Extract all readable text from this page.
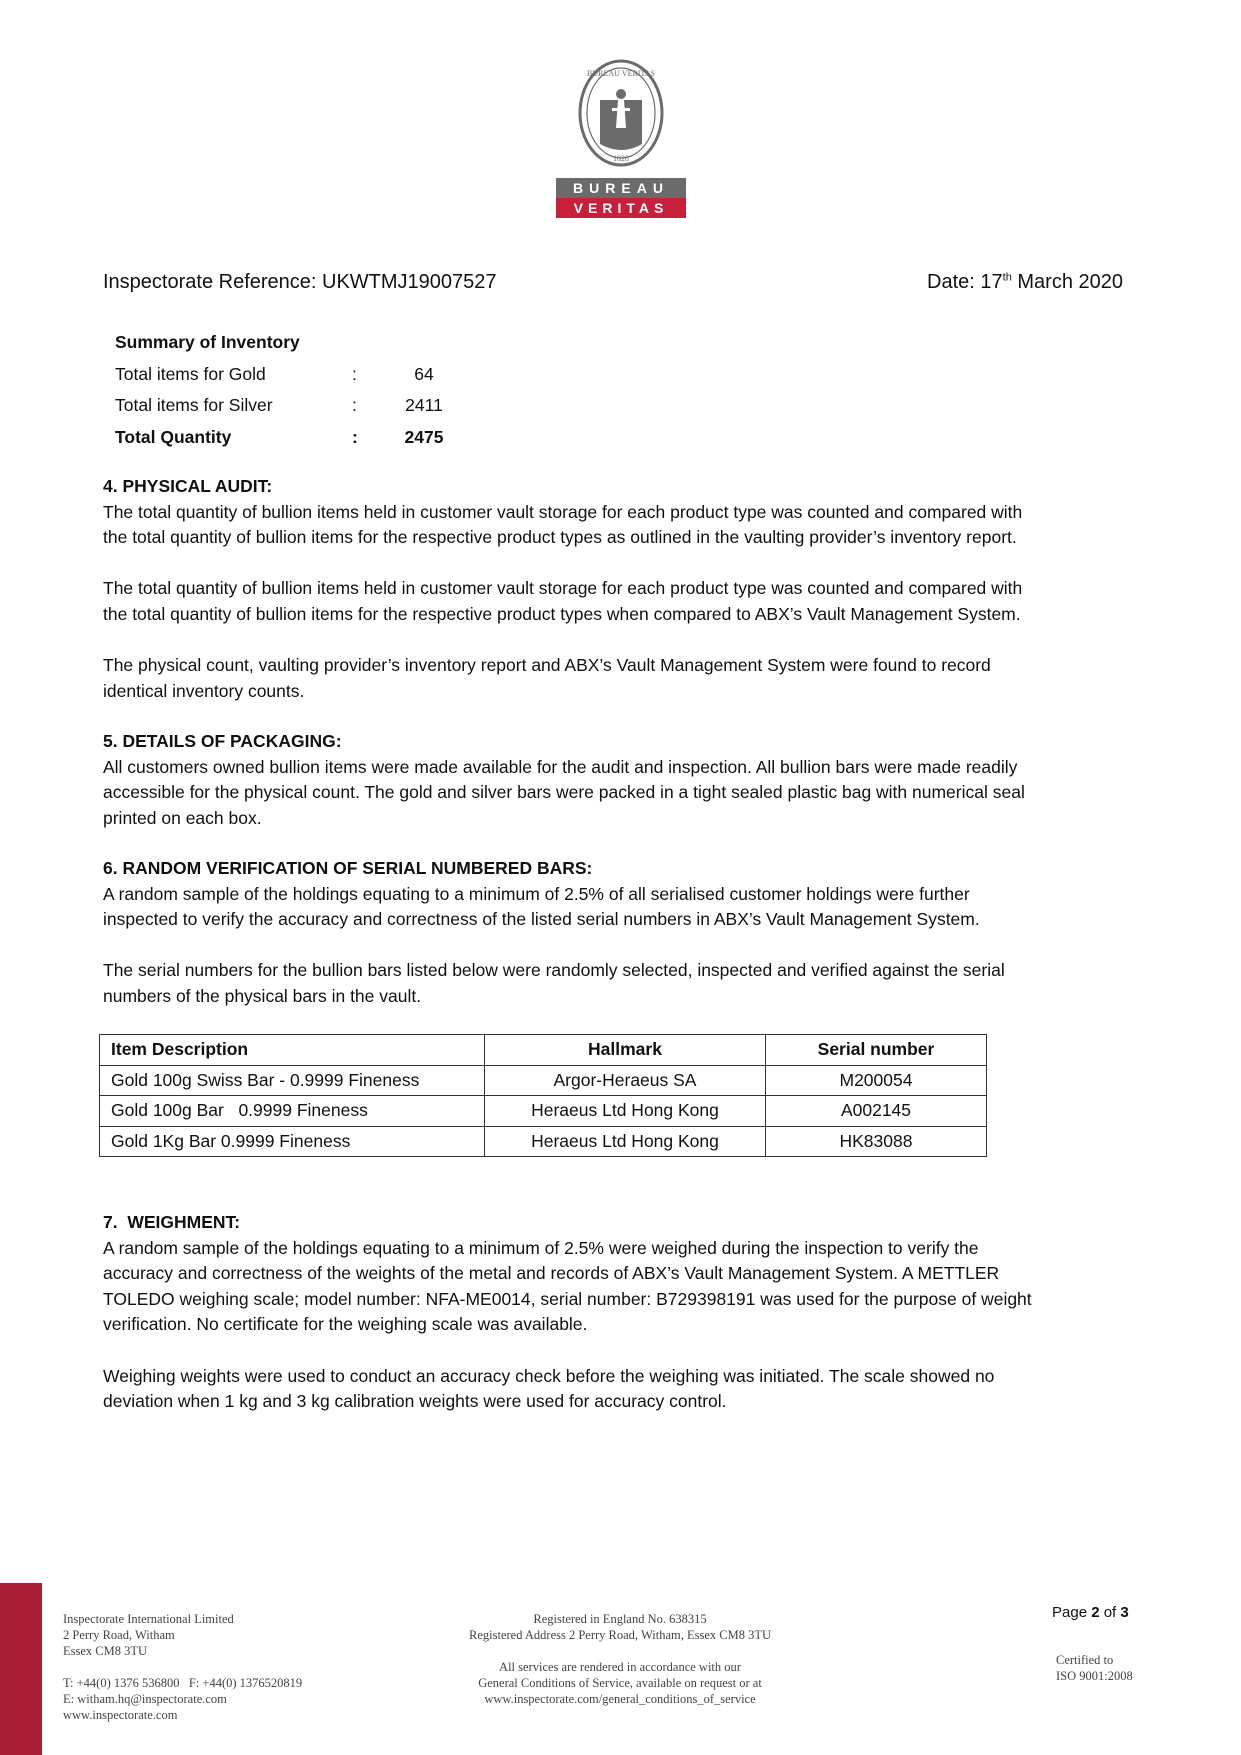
BUREAU VERITAS
1828
BUREAU
VERITAS
Inspectorate Reference: UKWTMJ19007527	Date: 17th March 2020
Summary of Inventory
Total items for Gold	:	64
Total items for Silver	:	2411
Total Quantity	:	2475
4. PHYSICAL AUDIT:
The total quantity of bullion items held in customer vault storage for each product type was counted and compared with
the total quantity of bullion items for the respective product types as outlined in the vaulting provider’s inventory report.
The total quantity of bullion items held in customer vault storage for each product type was counted and compared with
the total quantity of bullion items for the respective product types when compared to ABX’s Vault Management System.
The physical count, vaulting provider’s inventory report and ABX’s Vault Management System were found to record
identical inventory counts.
5. DETAILS OF PACKAGING:
All customers owned bullion items were made available for the audit and inspection. All bullion bars were made readily
accessible for the physical count. The gold and silver bars were packed in a tight sealed plastic bag with numerical seal
printed on each box.
6. RANDOM VERIFICATION OF SERIAL NUMBERED BARS:
A random sample of the holdings equating to a minimum of 2.5% of all serialised customer holdings were further
inspected to verify the accuracy and correctness of the listed serial numbers in ABX’s Vault Management System.
The serial numbers for the bullion bars listed below were randomly selected, inspected and verified against the serial
numbers of the physical bars in the vault.
Item Description	Hallmark	Serial number
Gold 100g Swiss Bar - 0.9999 Fineness	Argor-Heraeus SA	M200054
Gold 100g Bar   0.9999 Fineness	Heraeus Ltd Hong Kong	A002145
Gold 1Kg Bar 0.9999 Fineness	Heraeus Ltd Hong Kong	HK83088
7.  WEIGHMENT:
A random sample of the holdings equating to a minimum of 2.5% were weighed during the inspection to verify the
accuracy and correctness of the weights of the metal and records of ABX’s Vault Management System. A METTLER
TOLEDO weighing scale; model number: NFA-ME0014, serial number: B729398191 was used for the purpose of weight
verification. No certificate for the weighing scale was available.
Weighing weights were used to conduct an accuracy check before the weighing was initiated. The scale showed no
deviation when 1 kg and 3 kg calibration weights were used for accuracy control.
Inspectorate International Limited
2 Perry Road, Witham
Essex CM8 3TU
T: +44(0) 1376 536800   F: +44(0) 1376520819
E: witham.hq@inspectorate.com
www.inspectorate.com
Registered in England No. 638315
Registered Address 2 Perry Road, Witham, Essex CM8 3TU
All services are rendered in accordance with our
General Conditions of Service, available on request or at
www.inspectorate.com/general_conditions_of_service
Page 2 of 3
Certified to
ISO 9001:2008
